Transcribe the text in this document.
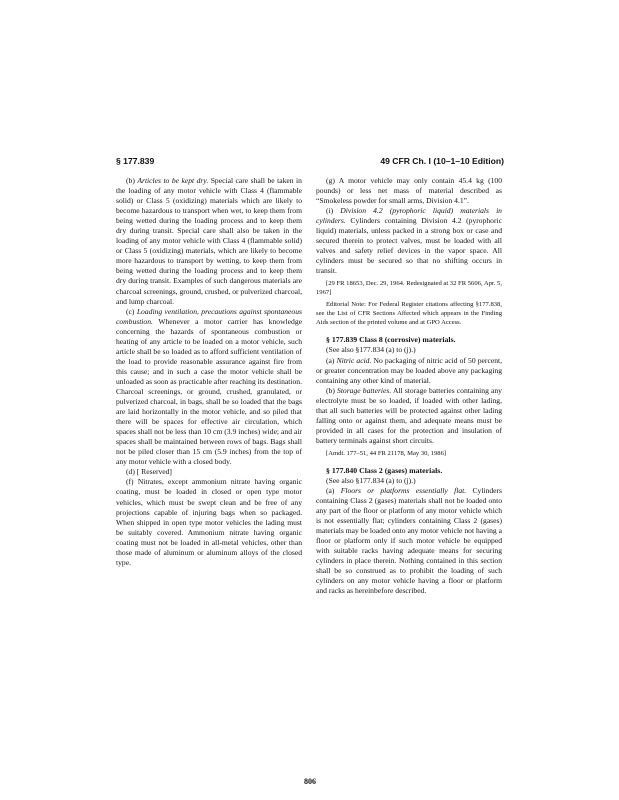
§ 177.839	49 CFR Ch. I (10–1–10 Edition)

(b) Articles to be kept dry. Special care shall be taken in the loading of any motor vehicle with Class 4 (flammable solid) or Class 5 (oxidizing) materials which are likely to become hazardous to transport when wet, to keep them from being wetted during the loading process and to keep them dry during transit. Special care shall also be taken in the loading of any motor vehicle with Class 4 (flammable solid) or Class 5 (oxidizing) materials, which are likely to become more hazardous to transport by wetting, to keep them from being wetted during the loading process and to keep them dry during transit. Examples of such dangerous materials are charcoal screenings, ground, crushed, or pulverized charcoal, and lump charcoal.

(c) Loading ventilation, precautions against spontaneous combustion. Whenever a motor carrier has knowledge concerning the hazards of spontaneous combustion or heating of any article to be loaded on a motor vehicle, such article shall be so loaded as to afford sufficient ventilation of the load to provide reasonable assurance against fire from this cause; and in such a case the motor vehicle shall be unloaded as soon as practicable after reaching its destination. Charcoal screenings, or ground, crushed, granulated, or pulverized charcoal, in bags, shall be so loaded that the bags are laid horizontally in the motor vehicle, and so piled that there will be spaces for effective air circulation, which spaces shall not be less than 10 cm (3.9 inches) wide; and air spaces shall be maintained between rows of bags. Bags shall not be piled closer than 15 cm (5.9 inches) from the top of any motor vehicle with a closed body.

(d) [ Reserved]

(f) Nitrates, except ammonium nitrate having organic coating, must be loaded in closed or open type motor vehicles, which must be swept clean and be free of any projections capable of injuring bags when so packaged. When shipped in open type motor vehicles the lading must be suitably covered. Ammonium nitrate having organic coating must not be loaded in all-metal vehicles, other than those made of aluminum or aluminum alloys of the closed type.

(g) A motor vehicle may only contain 45.4 kg (100 pounds) or less net mass of material described as “Smokeless powder for small arms, Division 4.1”.

(i) Division 4.2 (pyrophoric liquid) materials in cylinders. Cylinders containing Division 4.2 (pyrophoric liquid) materials, unless packed in a strong box or case and secured therein to protect valves, must be loaded with all valves and safety relief devices in the vapor space. All cylinders must be secured so that no shifting occurs in transit.

[29 FR 18653, Dec. 29, 1964. Redesignated at 32 FR 5606, Apr. 5, 1967]

Editorial Note: For Federal Register citations affecting §177.838, see the List of CFR Sections Affected which appears in the Finding Aids section of the printed volume and at GPO Access.

§ 177.839 Class 8 (corrosive) materials.

(See also §177.834 (a) to (j).)

(a) Nitric acid. No packaging of nitric acid of 50 percent, or greater concentration may be loaded above any packaging containing any other kind of material.

(b) Storage batteries. All storage batteries containing any electrolyte must be so loaded, if loaded with other lading, that all such batteries will be protected against other lading falling onto or against them, and adequate means must be provided in all cases for the protection and insulation of battery terminals against short circuits.

[Amdt. 177–51, 44 FR 21178, May 30, 1986]

§ 177.840 Class 2 (gases) materials.

(See also §177.834 (a) to (j).)

(a) Floors or platforms essentially flat. Cylinders containing Class 2 (gases) materials shall not be loaded onto any part of the floor or platform of any motor vehicle which is not essentially flat; cylinders containing Class 2 (gases) materials may be loaded onto any motor vehicle not having a floor or platform only if such motor vehicle be equipped with suitable racks having adequate means for securing cylinders in place therein. Nothing contained in this section shall be so construed as to prohibit the loading of such cylinders on any motor vehicle having a floor or platform and racks as hereinbefore described.

806
